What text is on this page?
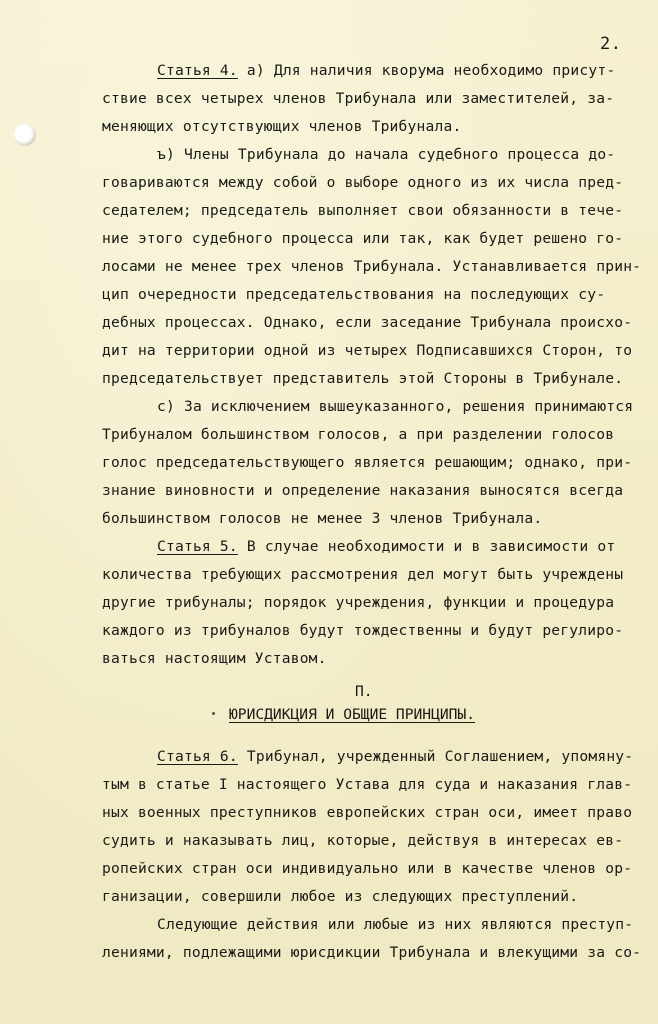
2.
Статья 4. а) Для наличия кворума необходимо присут-
ствие всех четырех членов Трибунала или заместителей, за-
меняющих отсутствующих членов Трибунала.
ъ) Члены Трибунала до начала судебного процесса до-
говариваются между собой о выборе одного из их числа пред-
седателем; председатель выполняет свои обязанности в тече-
ние этого судебного процесса или так, как будет решено го-
лосами не менее трех членов Трибунала. Устанавливается прин-
цип очередности председательствования на последующих су-
дебных процессах. Однако, если заседание Трибунала происхо-
дит на территории одной из четырех Подписавшихся Сторон, то
председательствует представитель этой Стороны в Трибунале.
с) За исключением вышеуказанного, решения принимаются
Трибуналом большинством голосов, а при разделении голосов
голос председательствующего является решающим; однако, при-
знание виновности и определение наказания выносятся всегда
большинством голосов не менее 3 членов Трибунала.
Статья 5. В случае необходимости и в зависимости от
количества требующих рассмотрения дел могут быть учреждены
другие трибуналы; порядок учреждения, функции и процедура
каждого из трибуналов будут тождественны и будут регулиро-
ваться настоящим Уставом.
Статья 6. Трибунал, учрежденный Соглашением, упомяну-
тым в статье I настоящего Устава для суда и наказания глав-
ных военных преступников европейских стран оси, имеет право
судить и наказывать лиц, которые, действуя в интересах ев-
ропейских стран оси индивидуально или в качестве членов ор-
ганизации, совершили любое из следующих преступлений.
Следующие действия или любые из них являются преступ-
лениями, подлежащими юрисдикции Трибунала и влекущими за со-
П.
ЮРИСДИКЦИЯ И ОБЩИЕ ПРИНЦИПЫ.
